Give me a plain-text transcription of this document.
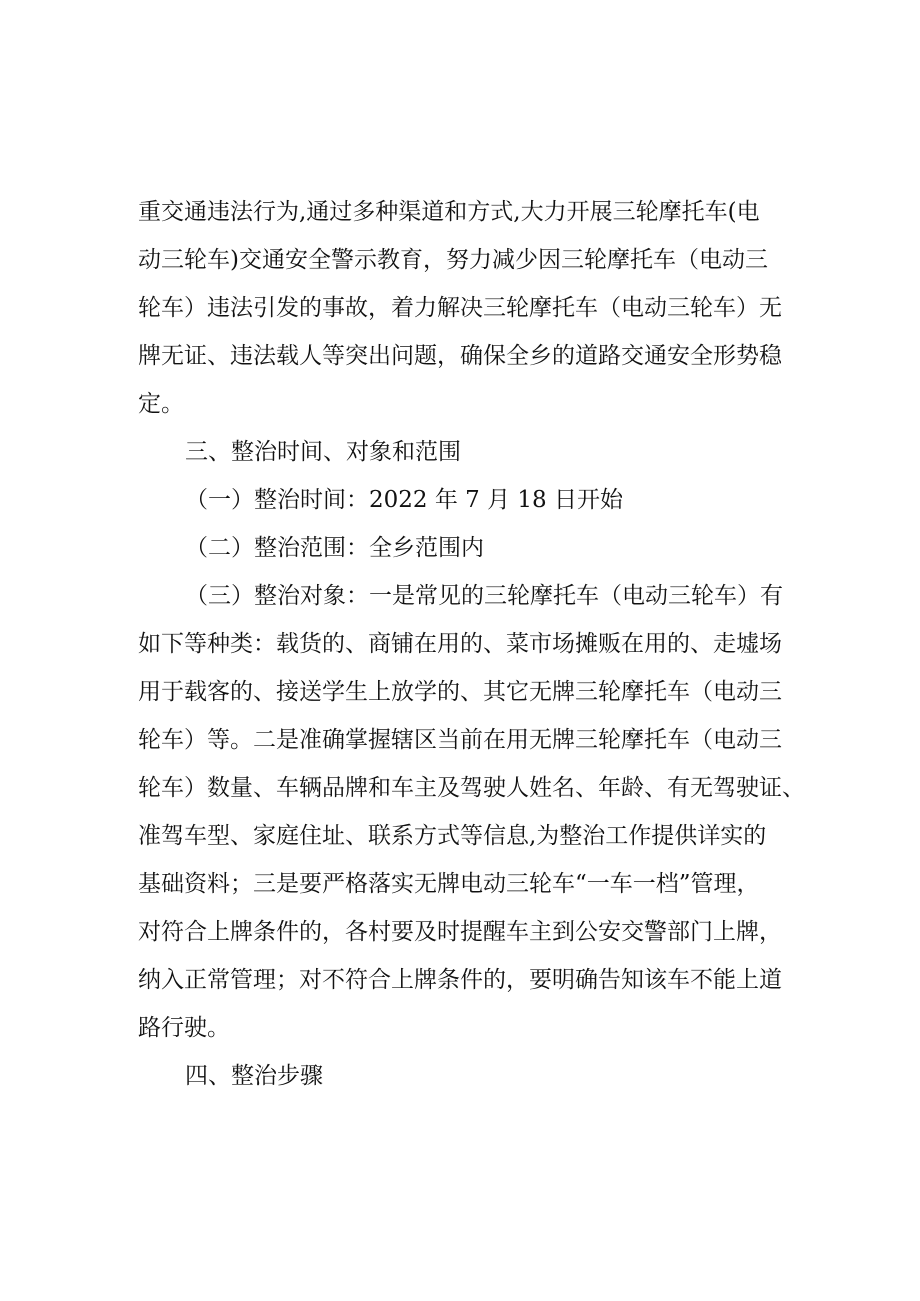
重交通违法行为,通过多种渠道和方式,大力开展三轮摩托车(电
动三轮车)交通安全警示教育，努力减少因三轮摩托车（电动三
轮车）违法引发的事故，着力解决三轮摩托车（电动三轮车）无
牌无证、违法载人等突出问题，确保全乡的道路交通安全形势稳
定。
三、整治时间、对象和范围
（一）整治时间：2022 年 7 月 18 日开始
（二）整治范围：全乡范围内
（三）整治对象：一是常见的三轮摩托车（电动三轮车）有
如下等种类：载货的、商铺在用的、菜市场摊贩在用的、走墟场
用于载客的、接送学生上放学的、其它无牌三轮摩托车（电动三
轮车）等。二是准确掌握辖区当前在用无牌三轮摩托车（电动三
轮车）数量、车辆品牌和车主及驾驶人姓名、年龄、有无驾驶证、
准驾车型、家庭住址、联系方式等信息,为整治工作提供详实的
基础资料；三是要严格落实无牌电动三轮车“一车一档”管理，
对符合上牌条件的，各村要及时提醒车主到公安交警部门上牌，
纳入正常管理；对不符合上牌条件的，要明确告知该车不能上道
路行驶。
四、整治步骤
